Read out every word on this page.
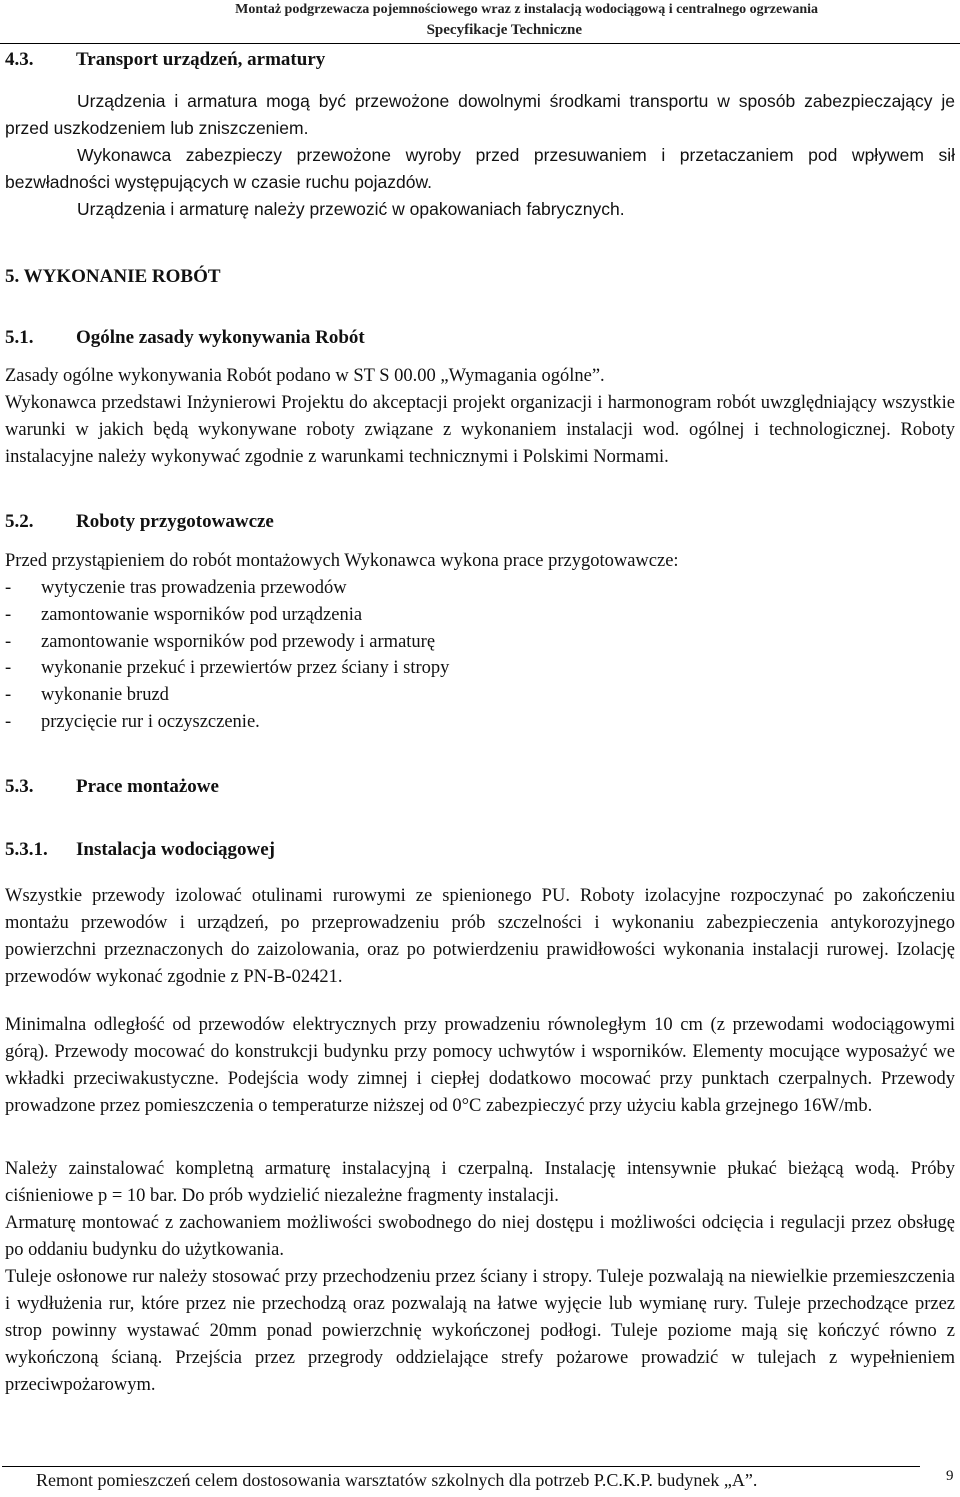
Montaż podgrzewacza pojemnościowego wraz z instalacją wodociągową i centralnego ogrzewania
Specyfikacje Techniczne
4.3. Transport urządzeń, armatury
Urządzenia i armatura mogą być przewożone dowolnymi środkami transportu w sposób zabezpieczający je przed uszkodzeniem lub zniszczeniem.
Wykonawca zabezpieczy przewożone wyroby przed przesuwaniem i przetaczaniem pod wpływem sił bezwładności występujących w czasie ruchu pojazdów.
Urządzenia i armaturę należy przewozić w opakowaniach fabrycznych.
5. WYKONANIE ROBÓT
5.1. Ogólne zasady wykonywania Robót
Zasady ogólne wykonywania Robót podano w ST S 00.00 „Wymagania ogólne”.
Wykonawca przedstawi Inżynierowi Projektu do akceptacji projekt organizacji i harmonogram robót uwzględniający wszystkie warunki w jakich będą wykonywane roboty związane z wykonaniem instalacji wod. ogólnej i technologicznej. Roboty instalacyjne należy wykonywać zgodnie z warunkami technicznymi i Polskimi Normami.
5.2. Roboty przygotowawcze
Przed przystąpieniem do robót montażowych Wykonawca wykona prace przygotowawcze:
- wytyczenie tras prowadzenia przewodów
- zamontowanie wsporników pod urządzenia
- zamontowanie wsporników pod przewody i armaturę
- wykonanie przekuć i przewiertów przez ściany i stropy
- wykonanie bruzd
- przycięcie rur i oczyszczenie.
5.3. Prace montażowe
5.3.1. Instalacja wodociągowej
Wszystkie przewody izolować otulinami rurowymi ze spienionego PU. Roboty izolacyjne rozpoczynać po zakończeniu montażu przewodów i urządzeń, po przeprowadzeniu prób szczelności i wykonaniu zabezpieczenia antykorozyjnego powierzchni przeznaczonych do zaizolowania, oraz po potwierdzeniu prawidłowości wykonania instalacji rurowej. Izolację przewodów wykonać zgodnie z PN-B-02421.
Minimalna odległość od przewodów elektrycznych przy prowadzeniu równoległym 10 cm (z przewodami wodociągowymi górą). Przewody mocować do konstrukcji budynku przy pomocy uchwytów i wsporników. Elementy mocujące wyposażyć we wkładki przeciwakustyczne. Podejścia wody zimnej i ciepłej dodatkowo mocować przy punktach czerpalnych. Przewody prowadzone przez pomieszczenia o temperaturze niższej od 0°C zabezpieczyć przy użyciu kabla grzejnego 16W/mb.
Należy zainstalować kompletną armaturę instalacyjną i czerpalną. Instalację intensywnie płukać bieżącą wodą. Próby ciśnieniowe p = 10 bar. Do prób wydzielić niezależne fragmenty instalacji.
Armaturę montować z zachowaniem możliwości swobodnego do niej dostępu i możliwości odcięcia i regulacji przez obsługę po oddaniu budynku do użytkowania.
Tuleje osłonowe rur należy stosować przy przechodzeniu przez ściany i stropy. Tuleje pozwalają na niewielkie przemieszczenia i wydłużenia rur, które przez nie przechodzą oraz pozwalają na łatwe wyjęcie lub wymianę rury. Tuleje przechodzące przez strop powinny wystawać 20mm ponad powierzchnię wykończonej podłogi. Tuleje poziome mają się kończyć równo z wykończoną ścianą. Przejścia przez przegrody oddzielające strefy pożarowe prowadzić w tulejach z wypełnieniem przeciwpożarowym.
Remont pomieszczeń celem dostosowania warsztatów szkolnych dla potrzeb P.C.K.P. budynek „A”.	9
